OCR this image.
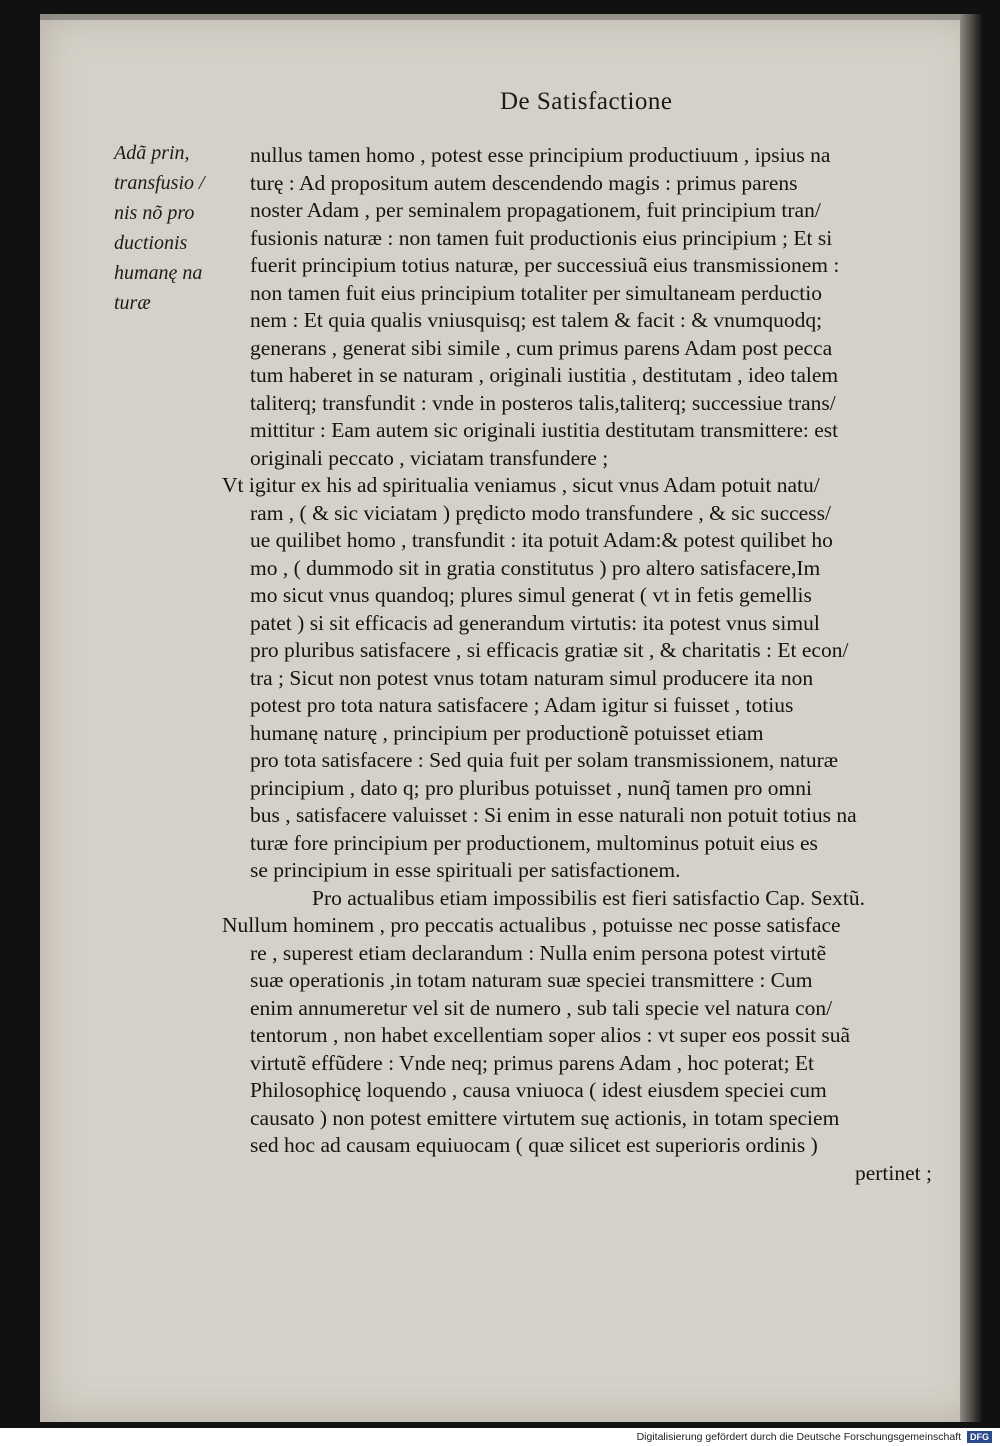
De Satisfactione
Adã prin,
transfusio /
nis nõ pro
ductionis
humanę na
turæ
nullus tamen homo , potest esse principium productiuum , ipsius na
turę : Ad propositum autem descendendo magis : primus parens
noster Adam , per seminalem propagationem, fuit principium tran/
fusionis naturæ : non tamen fuit productionis eius principium ; Et si
fuerit principium totius naturæ, per successiuã eius transmissionem :
non tamen fuit eius principium totaliter per simultaneam perductio
nem : Et quia qualis vniusquisq; est talem & facit : & vnumquodq;
generans , generat sibi simile , cum primus parens Adam post pecca
tum haberet in se naturam , originali iustitia , destitutam , ideo talem
taliterq; transfundit : vnde in posteros talis,taliterq; successiue trans/
mittitur : Eam autem sic originali iustitia destitutam transmittere: est
originali peccato , viciatam transfundere ;
Vt igitur ex his ad spiritualia veniamus , sicut vnus Adam potuit natu/
ram , ( & sic viciatam ) prędicto modo transfundere , & sic success/
ue quilibet homo , transfundit : ita potuit Adam:& potest quilibet ho
mo , ( dummodo sit in gratia constitutus ) pro altero satisfacere,Im
mo sicut vnus quandoq; plures simul generat ( vt in fetis gemellis
patet ) si sit efficacis ad generandum virtutis: ita potest vnus simul
pro pluribus satisfacere , si efficacis gratiæ sit , & charitatis : Et econ/
tra ; Sicut non potest vnus totam naturam simul producere ita non
potest pro tota natura satisfacere ; Adam igitur si fuisset , totius
humanę naturę , principium per productionẽ potuisset etiam
pro tota satisfacere : Sed quia fuit per solam transmissionem, naturæ
principium , dato q; pro pluribus potuisset , nunq̃ tamen pro omni
bus , satisfacere valuisset : Si enim in esse naturali non potuit totius na
turæ fore principium per productionem, multominus potuit eius es
se principium in esse spirituali per satisfactionem.
Pro actualibus etiam impossibilis est fieri satisfactio Cap. Sextũ.
Nullum hominem , pro peccatis actualibus , potuisse nec posse satisface
re , superest etiam declarandum : Nulla enim persona potest virtutẽ
suæ operationis ,in totam naturam suæ speciei transmittere : Cum
enim annumeretur vel sit de numero , sub tali specie vel natura con/
tentorum , non habet excellentiam soper alios : vt super eos possit suã
virtutẽ effũdere : Vnde neq; primus parens Adam , hoc poterat; Et
Philosophicę loquendo , causa vniuoca ( idest eiusdem speciei cum
causato ) non potest emittere virtutem suę actionis, in totam speciem
sed hoc ad causam equiuocam ( quæ silicet est superioris ordinis )
pertinet ;
Digitalisierung gefördert durch die Deutsche Forschungsgemeinschaft DFG
